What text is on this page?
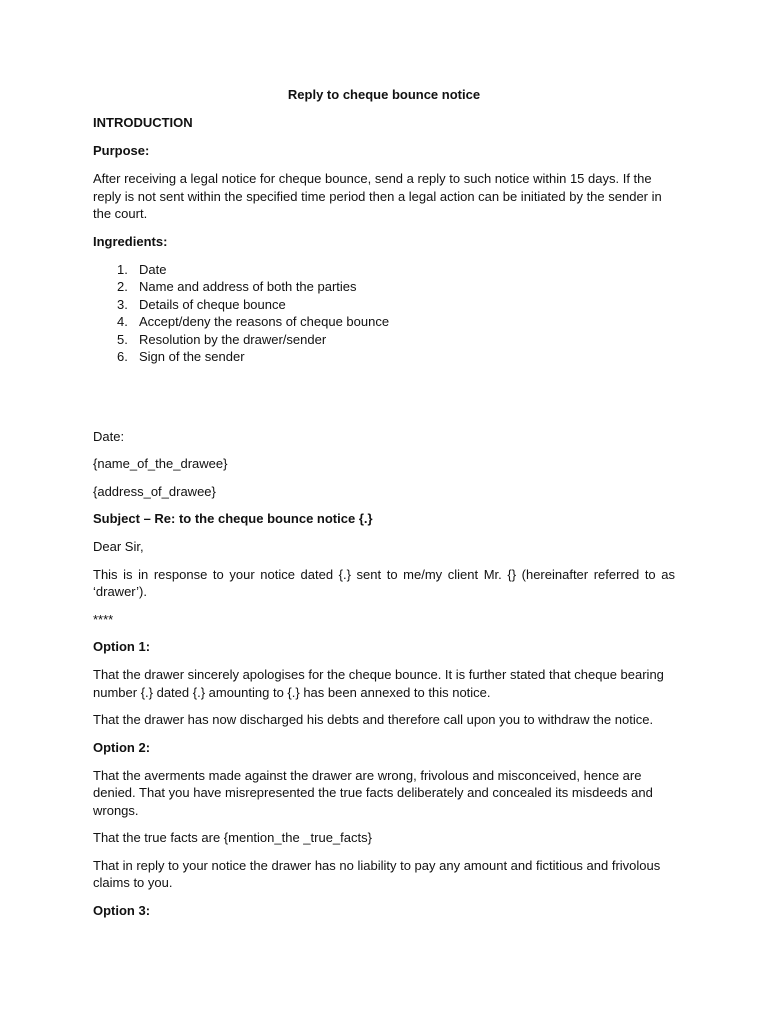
Reply to cheque bounce notice
INTRODUCTION
Purpose:
After receiving a legal notice for cheque bounce, send a reply to such notice within 15 days. If the reply is not sent within the specified time period then a legal action can be initiated by the sender in the court.
Ingredients:
1. Date
2. Name and address of both the parties
3. Details of cheque bounce
4. Accept/deny the reasons of cheque bounce
5. Resolution by the drawer/sender
6. Sign of the sender
Date:
{name_of_the_drawee}
{address_of_drawee}
Subject – Re: to the cheque bounce notice {.}
Dear Sir,
This is in response to your notice dated {.} sent to me/my client Mr. {} (hereinafter referred to as ‘drawer’).
****
Option 1:
That the drawer sincerely apologises for the cheque bounce. It is further stated that cheque bearing number {.} dated {.} amounting to {.} has been annexed to this notice.
That the drawer has now discharged his debts and therefore call upon you to withdraw the notice.
Option 2:
That the averments made against the drawer are wrong, frivolous and misconceived, hence are denied. That you have misrepresented the true facts deliberately and concealed its misdeeds and wrongs.
That the true facts are {mention_the _true_facts}
That in reply to your notice the drawer has no liability to pay any amount and fictitious and frivolous claims to you.
Option 3:
